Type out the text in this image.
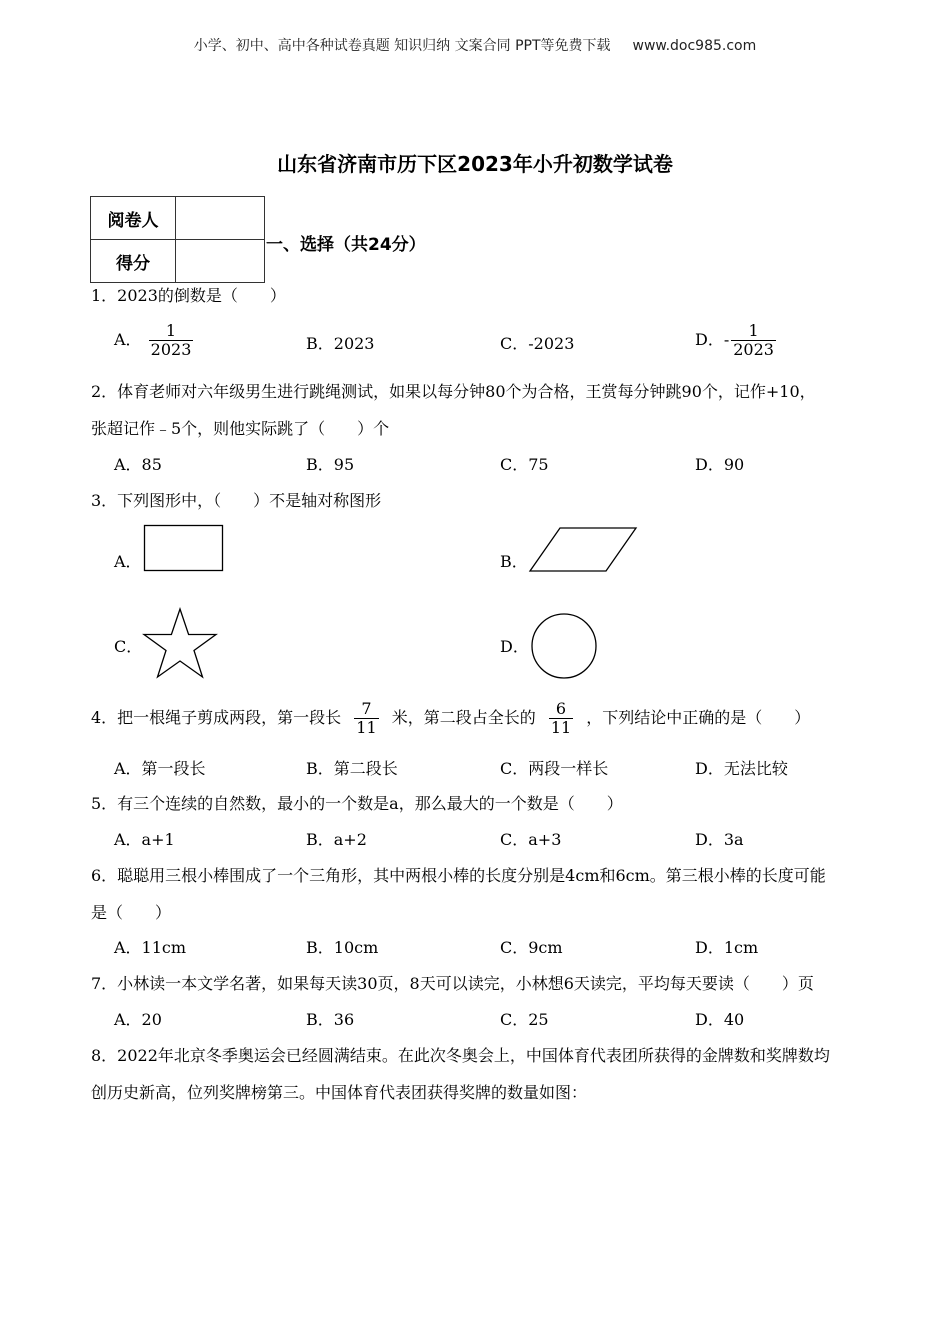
小学、初中、高中各种试卷真题 知识归纳 文案合同 PPT等免费下载 www.doc985.com
山东省济南市历下区2023年小升初数学试卷
阅卷人	
得分	
一、选择（共24分）
1．2023的倒数是（　　）
A． $\frac{1}{2023}$	B．2023	C．-2023	D．- $\frac{1}{2023}$
2．体育老师对六年级男生进行跳绳测试，如果以每分钟80个为合格，王赏每分钟跳90个，记作+10，
张超记作﹣5个，则他实际跳了（　　）个
A．85	B．95	C．75	D．90
3．下列图形中，（　　）不是轴对称图形
A．	B．
C．	D．
4．把一根绳子剪成两段，第一段长 $\frac{7}{11}$ 米，第二段占全长的 $\frac{6}{11}$ ，下列结论中正确的是（　　）
A．第一段长	B．第二段长	C．两段一样长	D．无法比较
5．有三个连续的自然数，最小的一个数是a，那么最大的一个数是（　　）
A．a+1	B．a+2	C．a+3	D．3a
6．聪聪用三根小棒围成了一个三角形，其中两根小棒的长度分别是4cm和6cm。第三根小棒的长度可能
是（　　）
A．11cm	B．10cm	C．9cm	D．1cm
7．小林读一本文学名著，如果每天读30页，8天可以读完，小林想6天读完，平均每天要读（　　）页
A．20	B．36	C．25	D．40
8．2022年北京冬季奥运会已经圆满结束。在此次冬奥会上，中国体育代表团所获得的金牌数和奖牌数均
创历史新高，位列奖牌榜第三。中国体育代表团获得奖牌的数量如图：
